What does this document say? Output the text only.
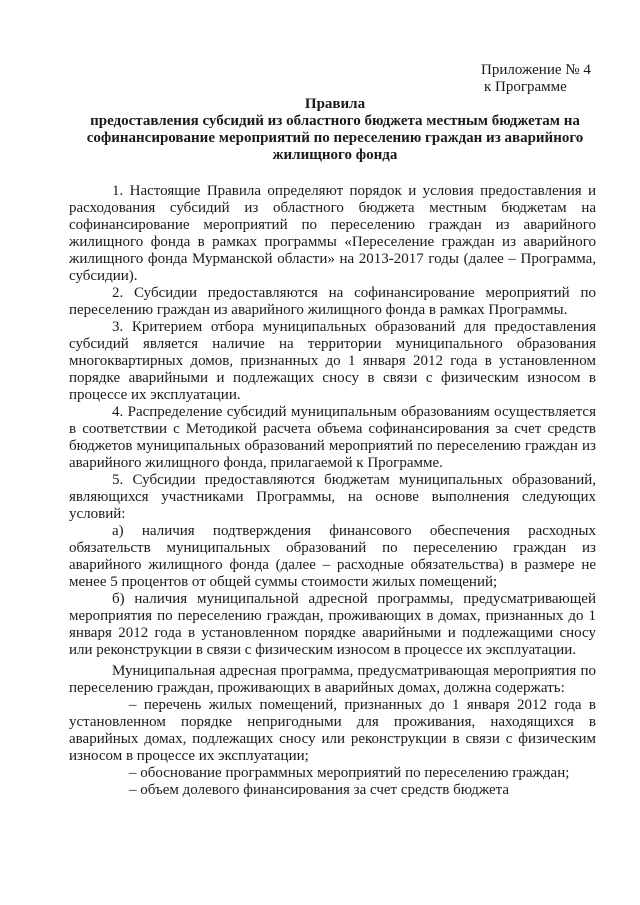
Приложение № 4
к Программе
Правила
предоставления субсидий из областного бюджета местным бюджетам на
софинансирование мероприятий по переселению граждан из аварийного
жилищного фонда

1. Настоящие Правила определяют порядок и условия предоставления и расходования субсидий из областного бюджета местным бюджетам на софинансирование мероприятий по переселению граждан из аварийного жилищного фонда в рамках программы «Переселение граждан из аварийного жилищного фонда Мурманской области» на 2013-2017 годы (далее – Программа, субсидии).

2. Субсидии предоставляются на софинансирование мероприятий по переселению граждан из аварийного жилищного фонда в рамках Программы.

3. Критерием отбора муниципальных образований для предоставления субсидий является наличие на территории муниципального образования многоквартирных домов, признанных до 1 января 2012 года в установленном порядке аварийными и подлежащих сносу в связи с физическим износом в процессе их эксплуатации.

4. Распределение субсидий муниципальным образованиям осуществляется в соответствии с Методикой расчета объема софинансирования за счет средств бюджетов муниципальных образований мероприятий по переселению граждан из аварийного жилищного фонда, прилагаемой к Программе.

5. Субсидии предоставляются бюджетам муниципальных образований, являющихся участниками Программы, на основе выполнения следующих условий:

а) наличия подтверждения финансового обеспечения расходных обязательств муниципальных образований по переселению граждан из аварийного жилищного фонда (далее – расходные обязательства) в размере не менее 5 процентов от общей суммы стоимости жилых помещений;

б) наличия муниципальной адресной программы, предусматривающей мероприятия по переселению граждан, проживающих в домах, признанных до 1 января 2012 года в установленном порядке аварийными и подлежащими сносу или реконструкции в связи с физическим износом в процессе их эксплуатации.

Муниципальная адресная программа, предусматривающая мероприятия по переселению граждан, проживающих в аварийных домах, должна содержать:

– перечень жилых помещений, признанных до 1 января 2012 года в установленном порядке непригодными для проживания, находящихся в аварийных домах, подлежащих сносу или реконструкции в связи с физическим износом в процессе их эксплуатации;

– обоснование программных мероприятий по переселению граждан;

– объем долевого финансирования за счет средств бюджета
